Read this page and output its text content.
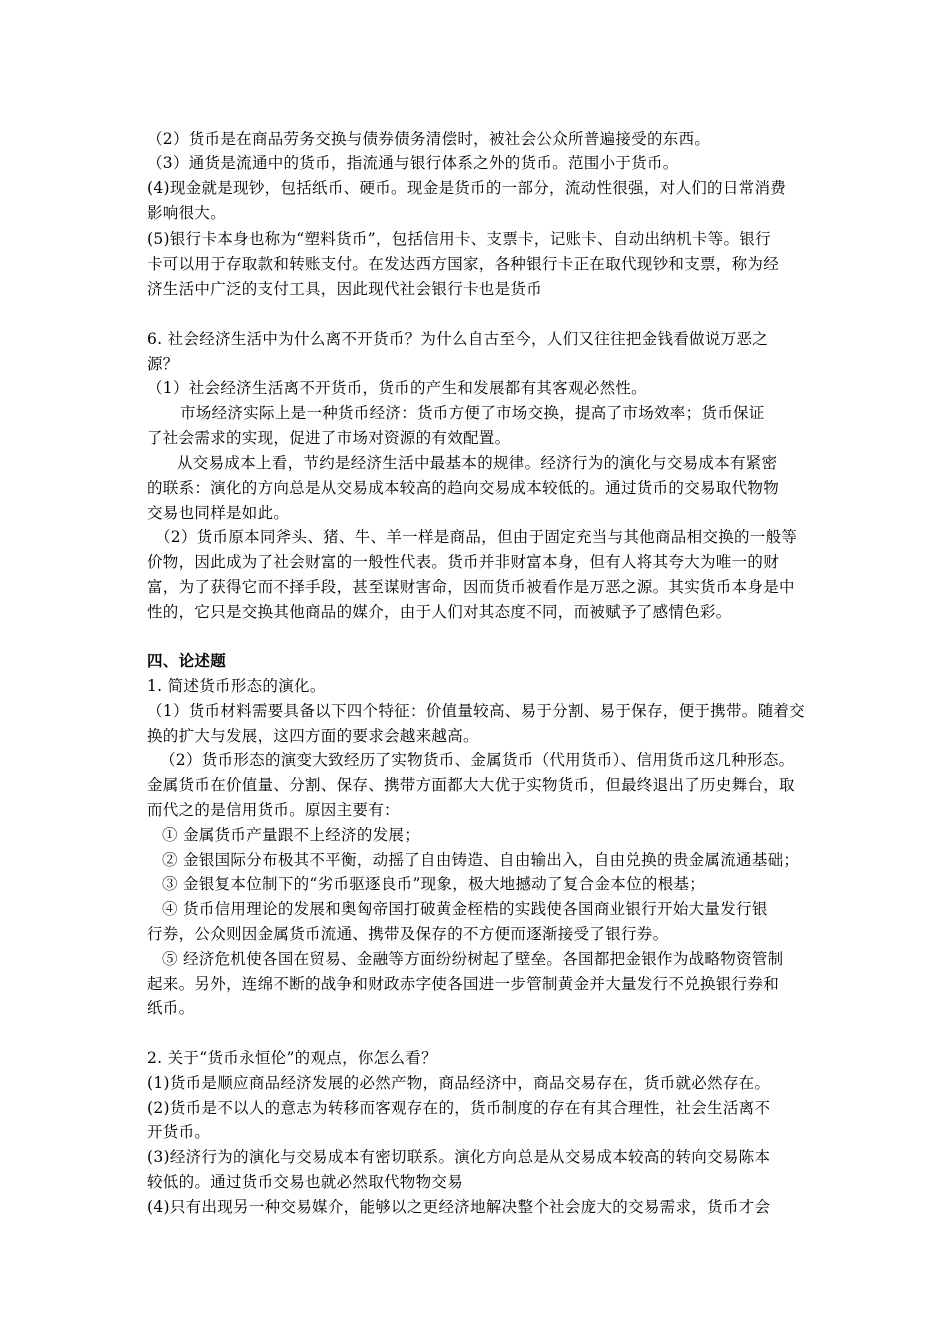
（2）货币是在商品劳务交换与债券债务清偿时，被社会公众所普遍接受的东西。
（3）通货是流通中的货币，指流通与银行体系之外的货币。范围小于货币。
(4)现金就是现钞，包括纸币、硬币。现金是货币的一部分，流动性很强，对人们的日常消费
影响很大。
(5)银行卡本身也称为“塑料货币”，包括信用卡、支票卡，记账卡、自动出纳机卡等。银行
卡可以用于存取款和转账支付。在发达西方国家，各种银行卡正在取代现钞和支票，称为经
济生活中广泛的支付工具，因此现代社会银行卡也是货币
6. 社会经济生活中为什么离不开货币？为什么自古至今，人们又往往把金钱看做说万恶之
源？
（1）社会经济生活离不开货币，货币的产生和发展都有其客观必然性。
市场经济实际上是一种货币经济：货币方便了市场交换，提高了市场效率；货币保证
了社会需求的实现，促进了市场对资源的有效配置。
从交易成本上看，节约是经济生活中最基本的规律。经济行为的演化与交易成本有紧密
的联系：演化的方向总是从交易成本较高的趋向交易成本较低的。通过货币的交易取代物物
交易也同样是如此。
（2）货币原本同斧头、猪、牛、羊一样是商品，但由于固定充当与其他商品相交换的一般等
价物，因此成为了社会财富的一般性代表。货币并非财富本身，但有人将其夸大为唯一的财
富，为了获得它而不择手段，甚至谋财害命，因而货币被看作是万恶之源。其实货币本身是中
性的，它只是交换其他商品的媒介，由于人们对其态度不同，而被赋予了感情色彩。
四、论述题
1. 简述货币形态的演化。
（1）货币材料需要具备以下四个特征：价值量较高、易于分割、易于保存，便于携带。随着交
换的扩大与发展，这四方面的要求会越来越高。
（2）货币形态的演变大致经历了实物货币、金属货币（代用货币）、信用货币这几种形态。
金属货币在价值量、分割、保存、携带方面都大大优于实物货币，但最终退出了历史舞台，取
而代之的是信用货币。原因主要有：
① 金属货币产量跟不上经济的发展；
② 金银国际分布极其不平衡，动摇了自由铸造、自由输出入，自由兑换的贵金属流通基础；
③ 金银复本位制下的“劣币驱逐良币”现象，极大地撼动了复合金本位的根基；
④ 货币信用理论的发展和奥匈帝国打破黄金桎梏的实践使各国商业银行开始大量发行银
行券，公众则因金属货币流通、携带及保存的不方便而逐渐接受了银行券。
⑤ 经济危机使各国在贸易、金融等方面纷纷树起了壁垒。各国都把金银作为战略物资管制
起来。另外，连绵不断的战争和财政赤字使各国进一步管制黄金并大量发行不兑换银行券和
纸币。
2. 关于“货币永恒伦”的观点，你怎么看？
(1)货币是顺应商品经济发展的必然产物，商品经济中，商品交易存在，货币就必然存在。
(2)货币是不以人的意志为转移而客观存在的，货币制度的存在有其合理性，社会生活离不
开货币。
(3)经济行为的演化与交易成本有密切联系。演化方向总是从交易成本较高的转向交易陈本
较低的。通过货币交易也就必然取代物物交易
(4)只有出现另一种交易媒介，能够以之更经济地解决整个社会庞大的交易需求，货币才会
